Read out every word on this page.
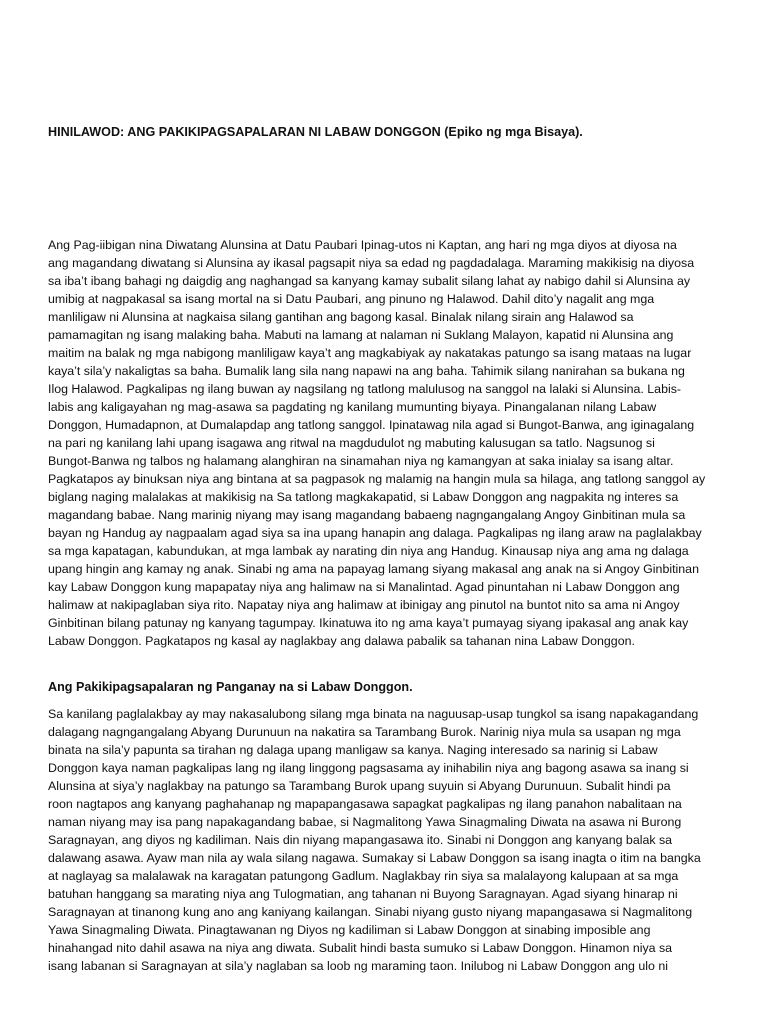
HINILAWOD: ANG PAKIKIPAGSAPALARAN NI LABAW DONGGON (Epiko ng mga Bisaya).
Ang Pag-iibigan nina Diwatang Alunsina at Datu Paubari Ipinag-utos ni Kaptan, ang hari ng mga diyos at diyosa na
ang magandang diwatang si Alunsina ay ikasal pagsapit niya sa edad ng pagdadalaga. Maraming makikisig na diyosa
sa iba’t ibang bahagi ng daigdig ang naghangad sa kanyang kamay subalit silang lahat ay nabigo dahil si Alunsina ay
umibig at nagpakasal sa isang mortal na si Datu Paubari, ang pinuno ng Halawod. Dahil dito’y nagalit ang mga
manliligaw ni Alunsina at nagkaisa silang gantihan ang bagong kasal. Binalak nilang sirain ang Halawod sa
pamamagitan ng isang malaking baha. Mabuti na lamang at nalaman ni Suklang Malayon, kapatid ni Alunsina ang
maitim na balak ng mga nabigong manliligaw kaya’t ang magkabiyak ay nakatakas patungo sa isang mataas na lugar
kaya’t sila’y nakaligtas sa baha. Bumalik lang sila nang napawi na ang baha. Tahimik silang nanirahan sa bukana ng
Ilog Halawod. Pagkalipas ng ilang buwan ay nagsilang ng tatlong malulusog na sanggol na lalaki si Alunsina. Labis-
labis ang kaligayahan ng mag-asawa sa pagdating ng kanilang mumunting biyaya. Pinangalanan nilang Labaw
Donggon, Humadapnon, at Dumalapdap ang tatlong sanggol. Ipinatawag nila agad si Bungot-Banwa, ang iginagalang
na pari ng kanilang lahi upang isagawa ang ritwal na magdudulot ng mabuting kalusugan sa tatlo. Nagsunog si
Bungot-Banwa ng talbos ng halamang alanghiran na sinamahan niya ng kamangyan at saka inialay sa isang altar.
Pagkatapos ay binuksan niya ang bintana at sa pagpasok ng malamig na hangin mula sa hilaga, ang tatlong sanggol ay
biglang naging malalakas at makikisig na Sa tatlong magkakapatid, si Labaw Donggon ang nagpakita ng interes sa
magandang babae. Nang marinig niyang may isang magandang babaeng nagngangalang Angoy Ginbitinan mula sa
bayan ng Handug ay nagpaalam agad siya sa ina upang hanapin ang dalaga. Pagkalipas ng ilang araw na paglalakbay
sa mga kapatagan, kabundukan, at mga lambak ay narating din niya ang Handug. Kinausap niya ang ama ng dalaga
upang hingin ang kamay ng anak. Sinabi ng ama na papayag lamang siyang makasal ang anak na si Angoy Ginbitinan
kay Labaw Donggon kung mapapatay niya ang halimaw na si Manalintad. Agad pinuntahan ni Labaw Donggon ang
halimaw at nakipaglaban siya rito. Napatay niya ang halimaw at ibinigay ang pinutol na buntot nito sa ama ni Angoy
Ginbitinan bilang patunay ng kanyang tagumpay. Ikinatuwa ito ng ama kaya’t pumayag siyang ipakasal ang anak kay
Labaw Donggon. Pagkatapos ng kasal ay naglakbay ang dalawa pabalik sa tahanan nina Labaw Donggon.
Ang Pakikipagsapalaran ng Panganay na si Labaw Donggon.
Sa kanilang paglalakbay ay may nakasalubong silang mga binata na naguusap-usap tungkol sa isang napakagandang
dalagang nagngangalang Abyang Durunuun na nakatira sa Tarambang Burok. Narinig niya mula sa usapan ng mga
binata na sila’y papunta sa tirahan ng dalaga upang manligaw sa kanya. Naging interesado sa narinig si Labaw
Donggon kaya naman pagkalipas lang ng ilang linggong pagsasama ay inihabilin niya ang bagong asawa sa inang si
Alunsina at siya’y naglakbay na patungo sa Tarambang Burok upang suyuin si Abyang Durunuun. Subalit hindi pa
roon nagtapos ang kanyang paghahanap ng mapapangasawa sapagkat pagkalipas ng ilang panahon nabalitaan na
naman niyang may isa pang napakagandang babae, si Nagmalitong Yawa Sinagmaling Diwata na asawa ni Burong
Saragnayan, ang diyos ng kadiliman. Nais din niyang mapangasawa ito. Sinabi ni Donggon ang kanyang balak sa
dalawang asawa. Ayaw man nila ay wala silang nagawa. Sumakay si Labaw Donggon sa isang inagta o itim na bangka
at naglayag sa malalawak na karagatan patungong Gadlum. Naglakbay rin siya sa malalayong kalupaan at sa mga
batuhan hanggang sa marating niya ang Tulogmatian, ang tahanan ni Buyong Saragnayan. Agad siyang hinarap ni
Saragnayan at tinanong kung ano ang kaniyang kailangan. Sinabi niyang gusto niyang mapangasawa si Nagmalitong
Yawa Sinagmaling Diwata. Pinagtawanan ng Diyos ng kadiliman si Labaw Donggon at sinabing imposible ang
hinahangad nito dahil asawa na niya ang diwata. Subalit hindi basta sumuko si Labaw Donggon. Hinamon niya sa
isang labanan si Saragnayan at sila’y naglaban sa loob ng maraming taon. Inilubog ni Labaw Donggon ang ulo ni
